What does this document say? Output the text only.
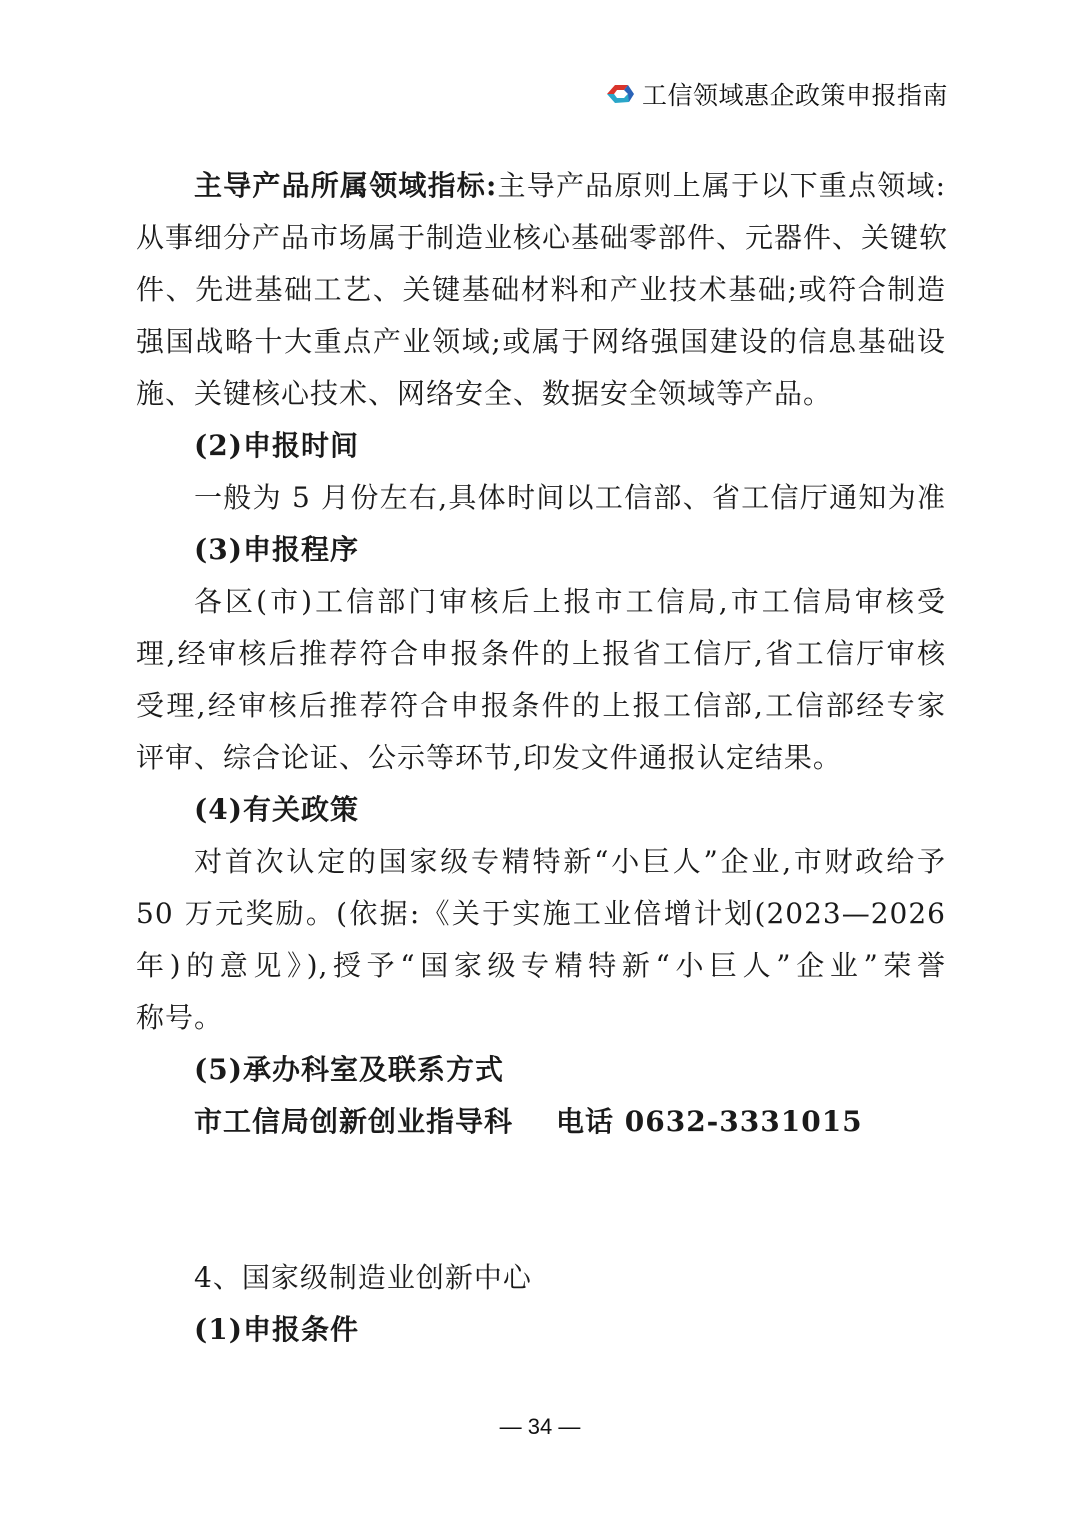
工信领域惠企政策申报指南
主导产品所属领域指标:主导产品原则上属于以下重点领域:
从事细分产品市场属于制造业核心基础零部件、元器件、关键软
件、先进基础工艺、关键基础材料和产业技术基础;或符合制造
强国战略十大重点产业领域;或属于网络强国建设的信息基础设
施、关键核心技术、网络安全、数据安全领域等产品。
(2)申报时间
一般为 5 月份左右,具体时间以工信部、省工信厅通知为准
(3)申报程序
各区(市)工信部门审核后上报市工信局,市工信局审核受
理,经审核后推荐符合申报条件的上报省工信厅,省工信厅审核
受理,经审核后推荐符合申报条件的上报工信部,工信部经专家
评审、综合论证、公示等环节,印发文件通报认定结果。
(4)有关政策
对首次认定的国家级专精特新“小巨人”企业,市财政给予
50 万元奖励。(依据:《关于实施工业倍增计划(2023—2026
年)的意见》),授予“国家级专精特新“小巨人”企业”荣誉
称号。
(5)承办科室及联系方式
市工信局创新创业指导科    电话 0632-3331015
4、国家级制造业创新中心
(1)申报条件
— 34 —
